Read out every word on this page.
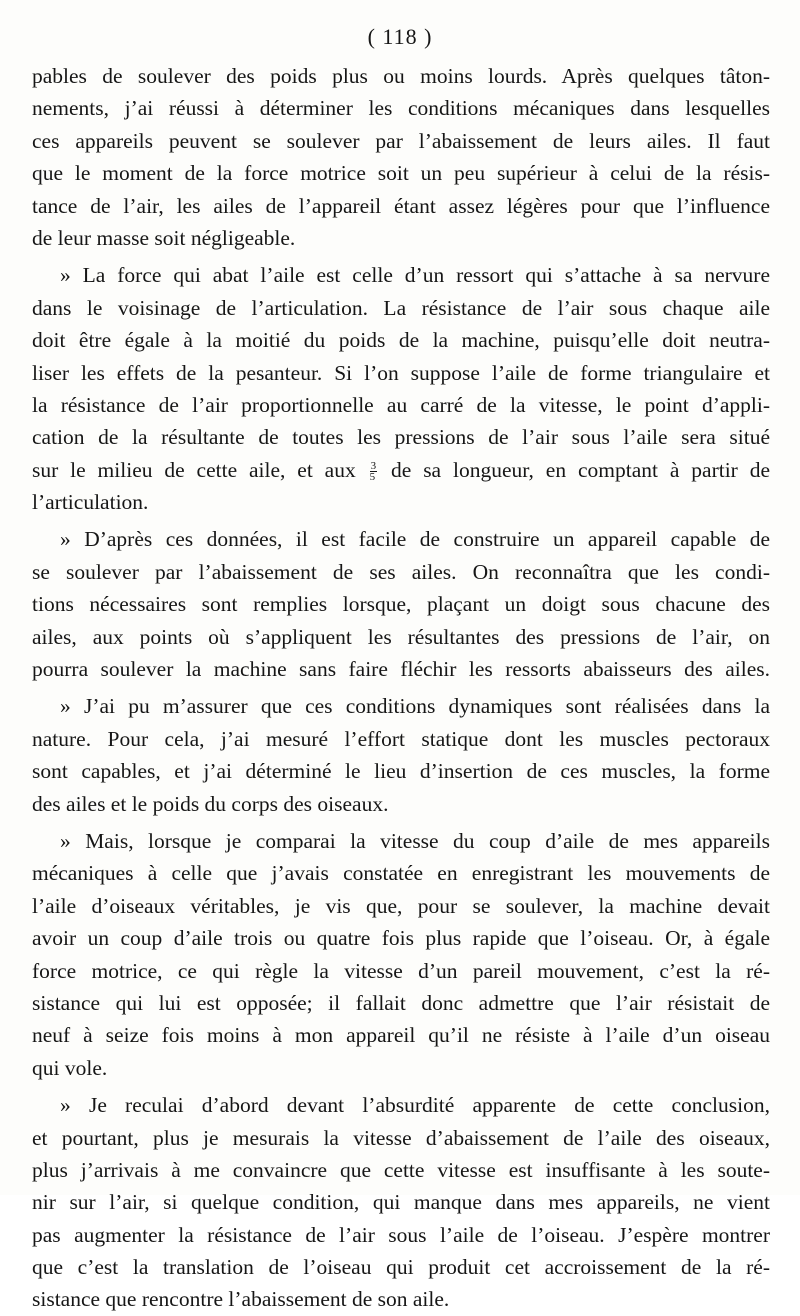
( 118 )
pables de soulever des poids plus ou moins lourds. Après quelques tâton-
nements, j’ai réussi à déterminer les conditions mécaniques dans lesquelles
ces appareils peuvent se soulever par l’abaissement de leurs ailes. Il faut
que le moment de la force motrice soit un peu supérieur à celui de la résis-
tance de l’air, les ailes de l’appareil étant assez légères pour que l’influence
de leur masse soit négligeable.
» La force qui abat l’aile est celle d’un ressort qui s’attache à sa nervure
dans le voisinage de l’articulation. La résistance de l’air sous chaque aile
doit être égale à la moitié du poids de la machine, puisqu’elle doit neutra-
liser les effets de la pesanteur. Si l’on suppose l’aile de forme triangulaire et
la résistance de l’air proportionnelle au carré de la vitesse, le point d’appli-
cation de la résultante de toutes les pressions de l’air sous l’aile sera situé
sur le milieu de cette aile, et aux $\frac{3}{5}$ de sa longueur, en comptant à partir de
l’articulation.
» D’après ces données, il est facile de construire un appareil capable de
se soulever par l’abaissement de ses ailes. On reconnaîtra que les condi-
tions nécessaires sont remplies lorsque, plaçant un doigt sous chacune des
ailes, aux points où s’appliquent les résultantes des pressions de l’air, on
pourra soulever la machine sans faire fléchir les ressorts abaisseurs des ailes.
» J’ai pu m’assurer que ces conditions dynamiques sont réalisées dans la
nature. Pour cela, j’ai mesuré l’effort statique dont les muscles pectoraux
sont capables, et j’ai déterminé le lieu d’insertion de ces muscles, la forme
des ailes et le poids du corps des oiseaux.
» Mais, lorsque je comparai la vitesse du coup d’aile de mes appareils
mécaniques à celle que j’avais constatée en enregistrant les mouvements de
l’aile d’oiseaux véritables, je vis que, pour se soulever, la machine devait
avoir un coup d’aile trois ou quatre fois plus rapide que l’oiseau. Or, à égale
force motrice, ce qui règle la vitesse d’un pareil mouvement, c’est la ré-
sistance qui lui est opposée; il fallait donc admettre que l’air résistait de
neuf à seize fois moins à mon appareil qu’il ne résiste à l’aile d’un oiseau
qui vole.
» Je reculai d’abord devant l’absurdité apparente de cette conclusion,
et pourtant, plus je mesurais la vitesse d’abaissement de l’aile des oiseaux,
plus j’arrivais à me convaincre que cette vitesse est insuffisante à les soute-
nir sur l’air, si quelque condition, qui manque dans mes appareils, ne vient
pas augmenter la résistance de l’air sous l’aile de l’oiseau. J’espère montrer
que c’est la translation de l’oiseau qui produit cet accroissement de la ré-
sistance que rencontre l’abaissement de son aile.
